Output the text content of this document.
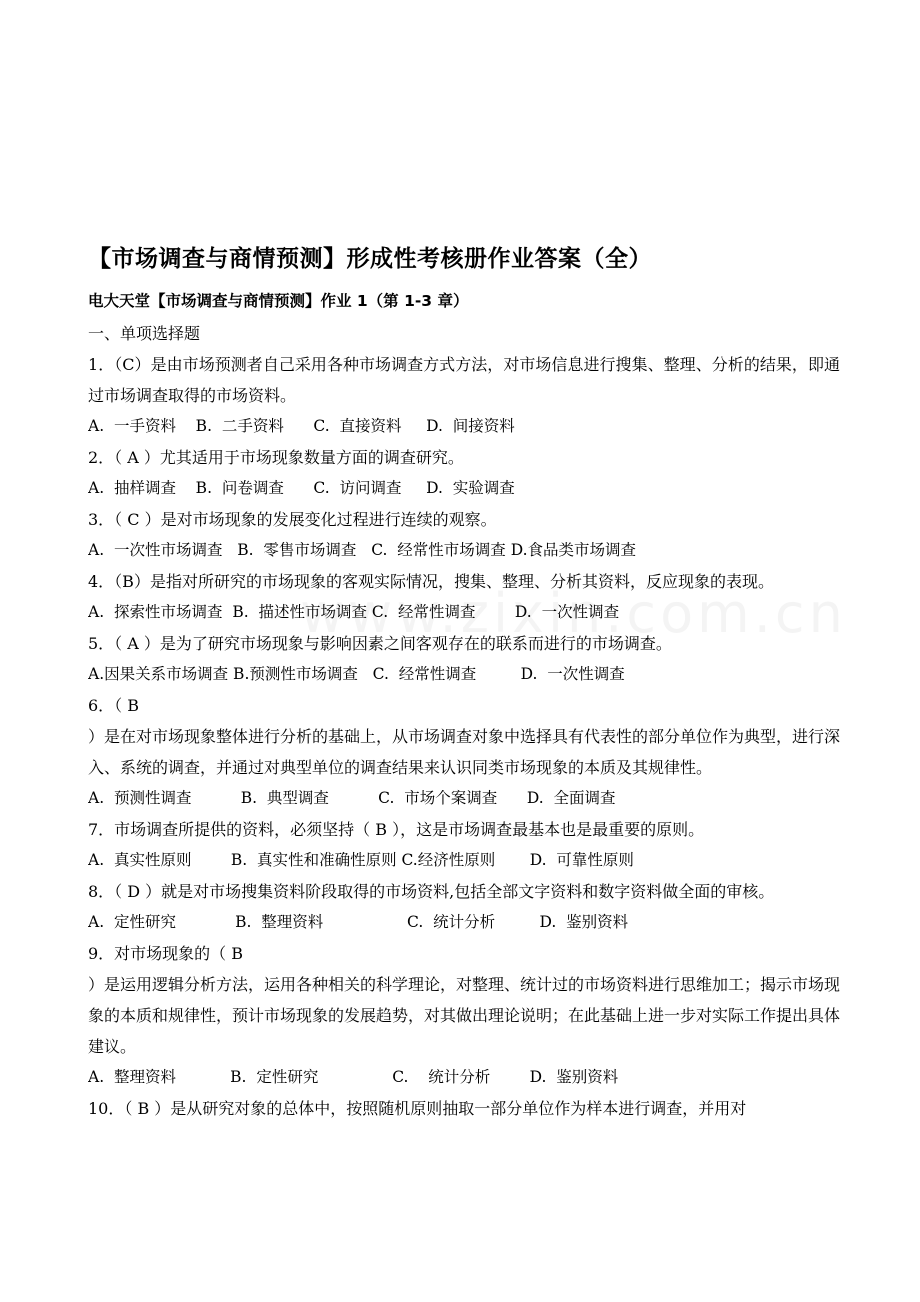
【市场调查与商情预测】形成性考核册作业答案（全）
电大天堂【市场调查与商情预测】作业 1（第 1-3 章）
一、单项选择题

1．（C）是由市场预测者自己采用各种市场调查方式方法，对市场信息进行搜集、整理、分析的结果，即通过市场调查取得的市场资料。

A.  一手资料    B.  二手资料      C.  直接资料     D.  间接资料

2．（ A ）尤其适用于市场现象数量方面的调查研究。

A.  抽样调查    B.  问卷调查      C.  访问调查     D.  实验调查

3．（ C ）是对市场现象的发展变化过程进行连续的观察。

A.  一次性市场调查   B.  零售市场调查   C.  经常性市场调查 D.食品类市场调查

4．（B）是指对所研究的市场现象的客观实际情况，搜集、整理、分析其资料，反应现象的表现。

A.  探索性市场调查  B.  描述性市场调查 C.  经常性调查        D.  一次性调查

5．（ A ）是为了研究市场现象与影响因素之间客观存在的联系而进行的市场调查。

A.因果关系市场调查 B.预测性市场调查   C.  经常性调查         D.  一次性调查

6．（ B

）是在对市场现象整体进行分析的基础上，从市场调查对象中选择具有代表性的部分单位作为典型，进行深入、系统的调查，并通过对典型单位的调查结果来认识同类市场现象的本质及其规律性。

A.  预测性调查          B.  典型调查          C.  市场个案调查      D.  全面调查

7．市场调查所提供的资料，必须坚持（ B ），这是市场调查最基本也是最重要的原则。

A.  真实性原则        B.  真实性和准确性原则 C.经济性原则       D.  可靠性原则

8．（ D ）就是对市场搜集资料阶段取得的市场资料,包括全部文字资料和数字资料做全面的审核。

A.  定性研究            B.  整理资料                 C.  统计分析         D.  鉴别资料

9．对市场现象的（ B

）是运用逻辑分析方法，运用各种相关的科学理论，对整理、统计过的市场资料进行思维加工；揭示市场现象的本质和规律性，预计市场现象的发展趋势，对其做出理论说明；在此基础上进一步对实际工作提出具体建议。

A.  整理资料           B.  定性研究               C.    统计分析        D.  鉴别资料

10．（ B ）是从研究对象的总体中，按照随机原则抽取一部分单位作为样本进行调查，并用对
